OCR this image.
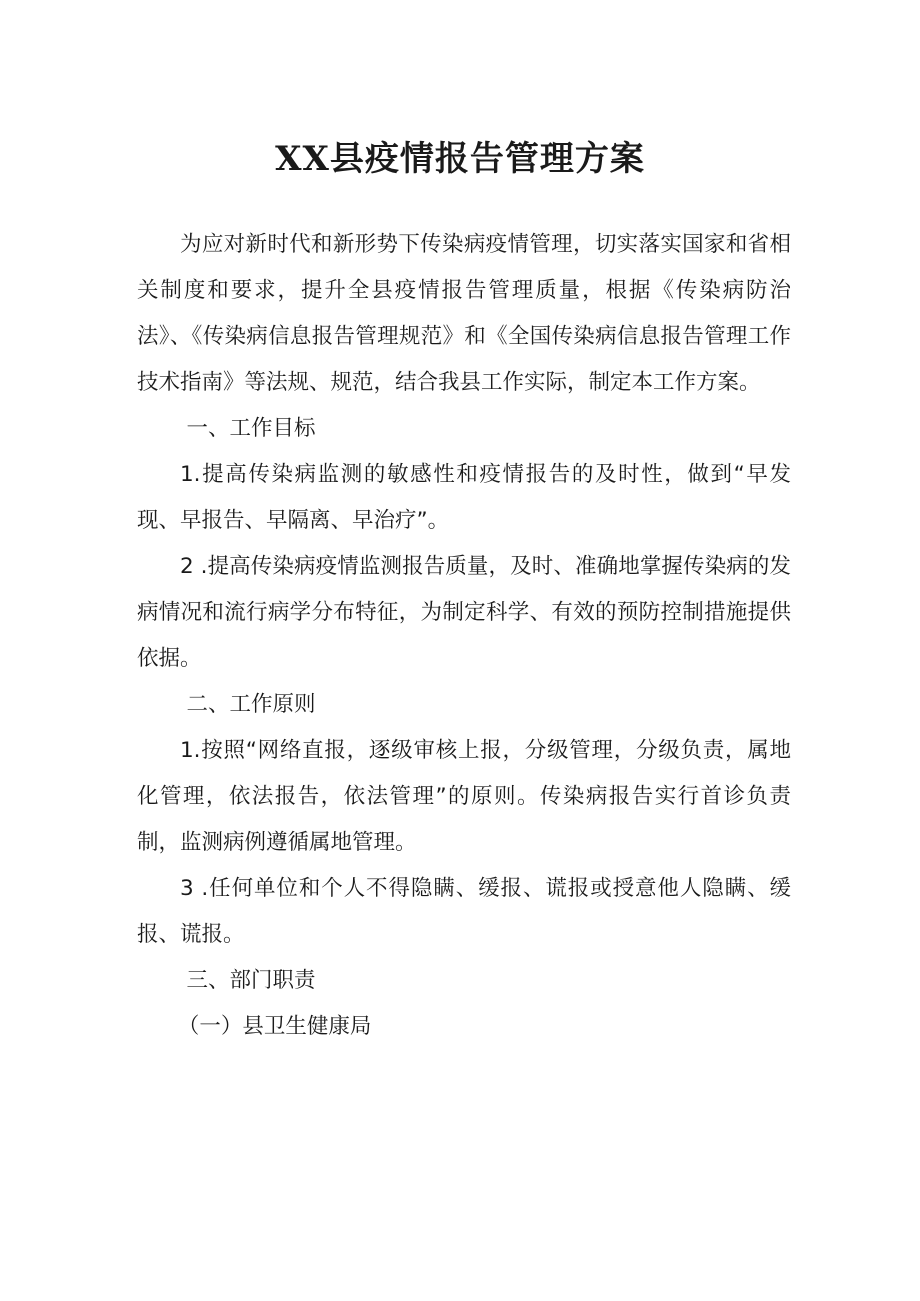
XX县疫情报告管理方案

为应对新时代和新形势下传染病疫情管理，切实落实国家和省相关制度和要求，提升全县疫情报告管理质量，根据《传染病防治法》、《传染病信息报告管理规范》和《全国传染病信息报告管理工作技术指南》等法规、规范，结合我县工作实际，制定本工作方案。

一、工作目标

1.提高传染病监测的敏感性和疫情报告的及时性，做到“早发现、早报告、早隔离、早治疗”。

2 .提高传染病疫情监测报告质量，及时、准确地掌握传染病的发病情况和流行病学分布特征，为制定科学、有效的预防控制措施提供依据。

二、工作原则

1.按照“网络直报，逐级审核上报，分级管理，分级负责，属地化管理，依法报告，依法管理”的原则。传染病报告实行首诊负责制，监测病例遵循属地管理。

3 .任何单位和个人不得隐瞒、缓报、谎报或授意他人隐瞒、缓报、谎报。

三、部门职责

（一）县卫生健康局
